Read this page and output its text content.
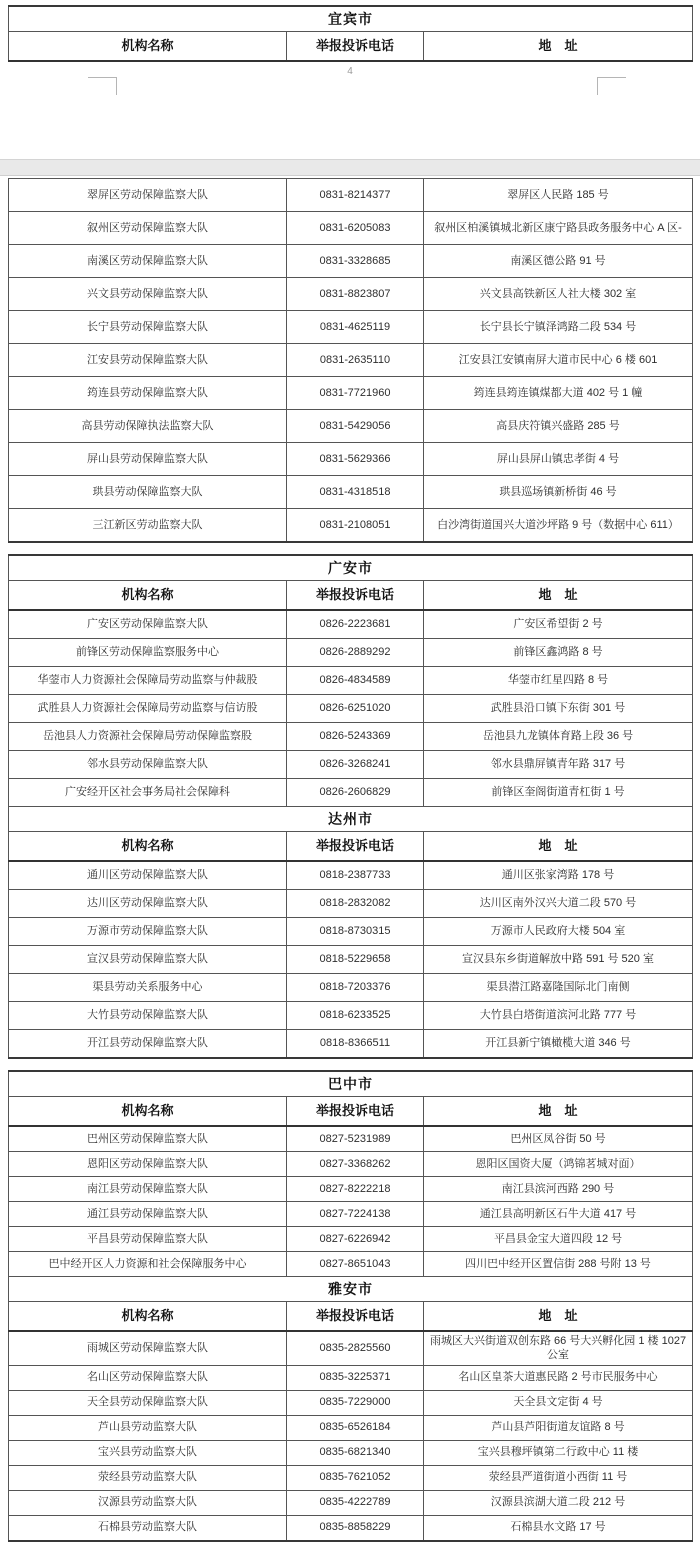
宜宾市
机构名称	举报投诉电话	地　址
4
翠屏区劳动保障监察大队	0831-8214377	翠屏区人民路 185 号
叙州区劳动保障监察大队	0831-6205083	叙州区柏溪镇城北新区康宁路县政务服务中心 A 区-
南溪区劳动保障监察大队	0831-3328685	南溪区德公路 91 号
兴文县劳动保障监察大队	0831-8823807	兴文县高铁新区人社大楼 302 室
长宁县劳动保障监察大队	0831-4625119	长宁县长宁镇泽鸿路二段 534 号
江安县劳动保障监察大队	0831-2635110	江安县江安镇南屏大道市民中心 6 楼 601
筠连县劳动保障监察大队	0831-7721960	筠连县筠连镇煤都大道 402 号 1 幢
高县劳动保障执法监察大队	0831-5429056	高县庆符镇兴盛路 285 号
屏山县劳动保障监察大队	0831-5629366	屏山县屏山镇忠孝街 4 号
珙县劳动保障监察大队	0831-4318518	珙县巡场镇新桥街 46 号
三江新区劳动监察大队	0831-2108051	白沙湾街道国兴大道沙坪路 9 号（数据中心 611）
广安市		
机构名称	举报投诉电话	地　址
广安区劳动保障监察大队	0826-2223681	广安区希望街 2 号
前锋区劳动保障监察服务中心	0826-2889292	前锋区鑫鸿路 8 号
华蓥市人力资源社会保障局劳动监察与仲裁股	0826-4834589	华蓥市红星四路 8 号
武胜县人力资源社会保障局劳动监察与信访股	0826-6251020	武胜县沿口镇下东街 301 号
岳池县人力资源社会保障局劳动保障监察股	0826-5243369	岳池县九龙镇体育路上段 36 号
邻水县劳动保障监察大队	0826-3268241	邻水县鼎屏镇青年路 317 号
广安经开区社会事务局社会保障科	0826-2606829	前锋区奎阁街道青杠街 1 号
达州市		
机构名称	举报投诉电话	地　址
通川区劳动保障监察大队	0818-2387733	通川区张家湾路 178 号
达川区劳动保障监察大队	0818-2832082	达川区南外汉兴大道二段 570 号
万源市劳动保障监察大队	0818-8730315	万源市人民政府大楼 504 室
宣汉县劳动保障监察大队	0818-5229658	宣汉县东乡街道解放中路 591 号 520 室
渠县劳动关系服务中心	0818-7203376	渠县潜江路嘉隆国际北门南侧
大竹县劳动保障监察大队	0818-6233525	大竹县白塔街道滨河北路 777 号
开江县劳动保障监察大队	0818-8366511	开江县新宁镇橄榄大道 346 号
巴中市		
机构名称	举报投诉电话	地　址
巴州区劳动保障监察大队	0827-5231989	巴州区凤谷街 50 号
恩阳区劳动保障监察大队	0827-3368262	恩阳区国资大厦（鸿锦茗城对面）
南江县劳动保障监察大队	0827-8222218	南江县滨河西路 290 号
通江县劳动保障监察大队	0827-7224138	通江县高明新区石牛大道 417 号
平昌县劳动保障监察大队	0827-6226942	平昌县金宝大道四段 12 号
巴中经开区人力资源和社会保障服务中心	0827-8651043	四川巴中经开区置信街 288 号附 13 号
雅安市		
机构名称	举报投诉电话	地　址
雨城区劳动保障监察大队	0835-2825560	雨城区大兴街道双创东路 66 号大兴孵化园 1 楼 1027 公室
名山区劳动保障监察大队	0835-3225371	名山区皇茶大道惠民路 2 号市民服务中心
天全县劳动保障监察大队	0835-7229000	天全县文定街 4 号
芦山县劳动监察大队	0835-6526184	芦山县芦阳街道友谊路 8 号
宝兴县劳动监察大队	0835-6821340	宝兴县穆坪镇第二行政中心 11 楼
荥经县劳动监察大队	0835-7621052	荥经县严道街道小西街 11 号
汉源县劳动监察大队	0835-4222789	汉源县滨湖大道二段 212 号
石棉县劳动监察大队	0835-8858229	石棉县水文路 17 号
